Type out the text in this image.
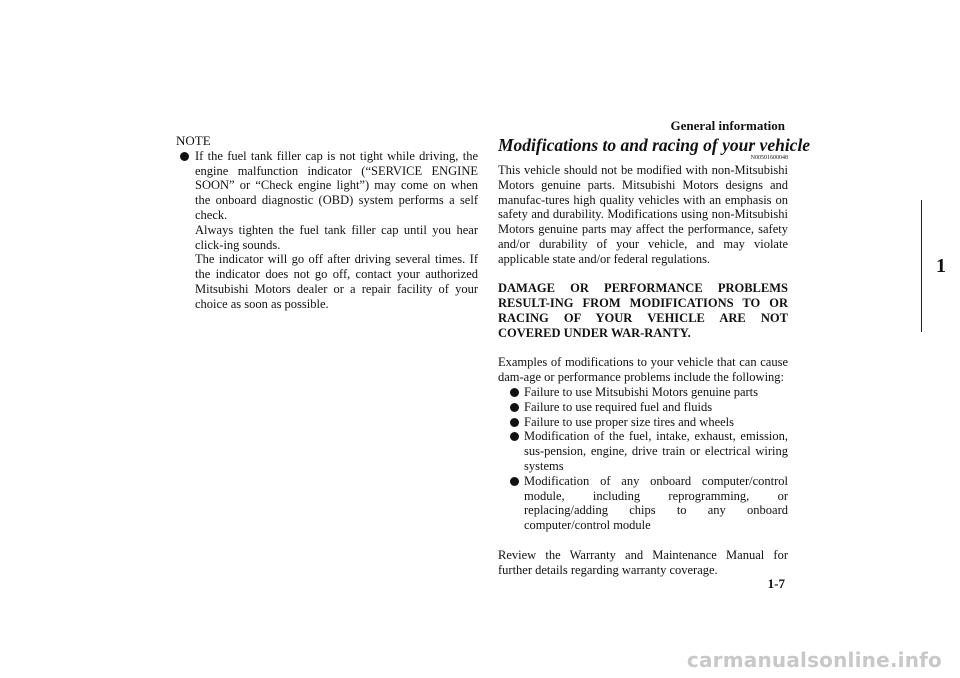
General information
1
NOTE

If the fuel tank filler cap is not tight while driving, the engine malfunction indicator (“SERVICE ENGINE SOON” or “Check engine light”) may come on when the onboard diagnostic (OBD) system performs a self check.

Always tighten the fuel tank filler cap until you hear click-ing sounds.

The indicator will go off after driving several times. If the indicator does not go off, contact your authorized Mitsubishi Motors dealer or a repair facility of your choice as soon as possible.

Modifications to and racing of your vehicle
N00501600048

This vehicle should not be modified with non-Mitsubishi Motors genuine parts. Mitsubishi Motors designs and manufac-tures high quality vehicles with an emphasis on safety and durability. Modifications using non-Mitsubishi Motors genuine parts may affect the performance, safety and/or durability of your vehicle, and may violate applicable state and/or federal regulations.

DAMAGE OR PERFORMANCE PROBLEMS RESULT-ING FROM MODIFICATIONS TO OR RACING OF YOUR VEHICLE ARE NOT COVERED UNDER WAR-RANTY.

Examples of modifications to your vehicle that can cause dam-age or performance problems include the following:

Failure to use Mitsubishi Motors genuine parts
Failure to use required fuel and fluids
Failure to use proper size tires and wheels
Modification of the fuel, intake, exhaust, emission, sus-pension, engine, drive train or electrical wiring systems
Modification of any onboard computer/control module, including reprogramming, or replacing/adding chips to any onboard computer/control module

Review the Warranty and Maintenance Manual for further details regarding warranty coverage.

1-7
carmanualsonline.info
